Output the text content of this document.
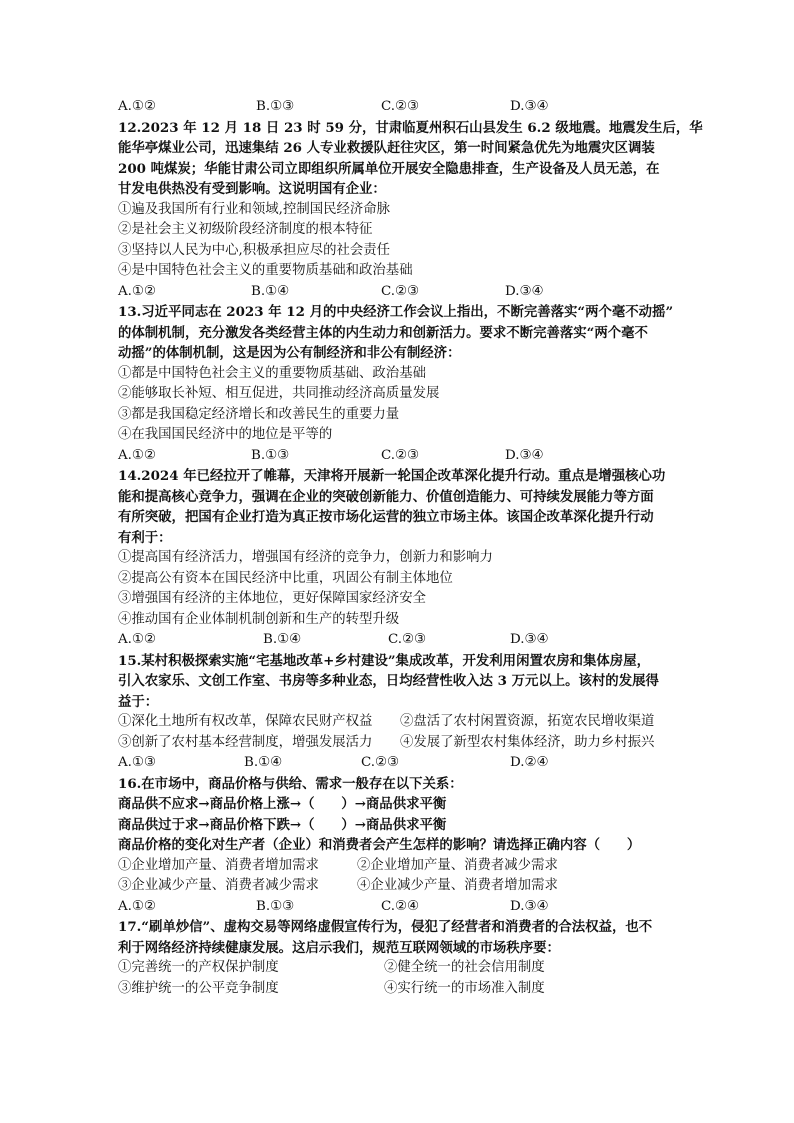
A.①②	B.①③	C.②③	D.③④
12.2023 年 12 月 18 日 23 时 59 分，甘肃临夏州积石山县发生 6.2 级地震。地震发生后，华
能华亭煤业公司，迅速集结 26 人专业救援队赶往灾区，第一时间紧急优先为地震灾区调装
200 吨煤炭；华能甘肃公司立即组织所属单位开展安全隐患排查，生产设备及人员无恙，在
甘发电供热没有受到影响。这说明国有企业：
①遍及我国所有行业和领域,控制国民经济命脉
②是社会主义初级阶段经济制度的根本特征
③坚持以人民为中心,积极承担应尽的社会责任
④是中国特色社会主义的重要物质基础和政治基础
A.①②	B.①④	C.②③	D.③④
13.习近平同志在 2023 年 12 月的中央经济工作会议上指出，不断完善落实“两个毫不动摇”
的体制机制，充分激发各类经营主体的内生动力和创新活力。要求不断完善落实“两个毫不
动摇”的体制机制，这是因为公有制经济和非公有制经济：
①都是中国特色社会主义的重要物质基础、政治基础
②能够取长补短、相互促进，共同推动经济高质量发展
③都是我国稳定经济增长和改善民生的重要力量
④在我国国民经济中的地位是平等的
A.①②	B.①③	C.②③	D.③④
14.2024 年已经拉开了帷幕，天津将开展新一轮国企改革深化提升行动。重点是增强核心功
能和提高核心竞争力，强调在企业的突破创新能力、价值创造能力、可持续发展能力等方面
有所突破，把国有企业打造为真正按市场化运营的独立市场主体。该国企改革深化提升行动
有利于：
①提高国有经济活力，增强国有经济的竞争力，创新力和影响力
②提高公有资本在国民经济中比重，巩固公有制主体地位
③增强国有经济的主体地位，更好保障国家经济安全
④推动国有企业体制机制创新和生产的转型升级
A.①②	B.①④	C.②③	D.③④
15.某村积极探索实施“宅基地改革+乡村建设”集成改革，开发利用闲置农房和集体房屋，
引入农家乐、文创工作室、书房等多种业态，日均经营性收入达 3 万元以上。该村的发展得
益于：
①深化土地所有权改革，保障农民财产权益 ②盘活了农村闲置资源，拓宽农民增收渠道
③创新了农村基本经营制度，增强发展活力 ④发展了新型农村集体经济，助力乡村振兴
A.①③	B.①④	C.②③	D.②④
16.在市场中，商品价格与供给、需求一般存在以下关系：
商品供不应求→商品价格上涨→（　　）→商品供求平衡
商品供过于求→商品价格下跌→（　　）→商品供求平衡
商品价格的变化对生产者（企业）和消费者会产生怎样的影响？请选择正确内容（　　）
①企业增加产量、消费者增加需求	②企业增加产量、消费者减少需求
③企业减少产量、消费者减少需求	④企业减少产量、消费者增加需求
A.①②	B.①③	C.②④	D.③④
17.“刷单炒信”、虚构交易等网络虚假宣传行为，侵犯了经营者和消费者的合法权益，也不
利于网络经济持续健康发展。这启示我们，规范互联网领域的市场秩序要：
①完善统一的产权保护制度	②健全统一的社会信用制度
③维护统一的公平竞争制度	④实行统一的市场准入制度
